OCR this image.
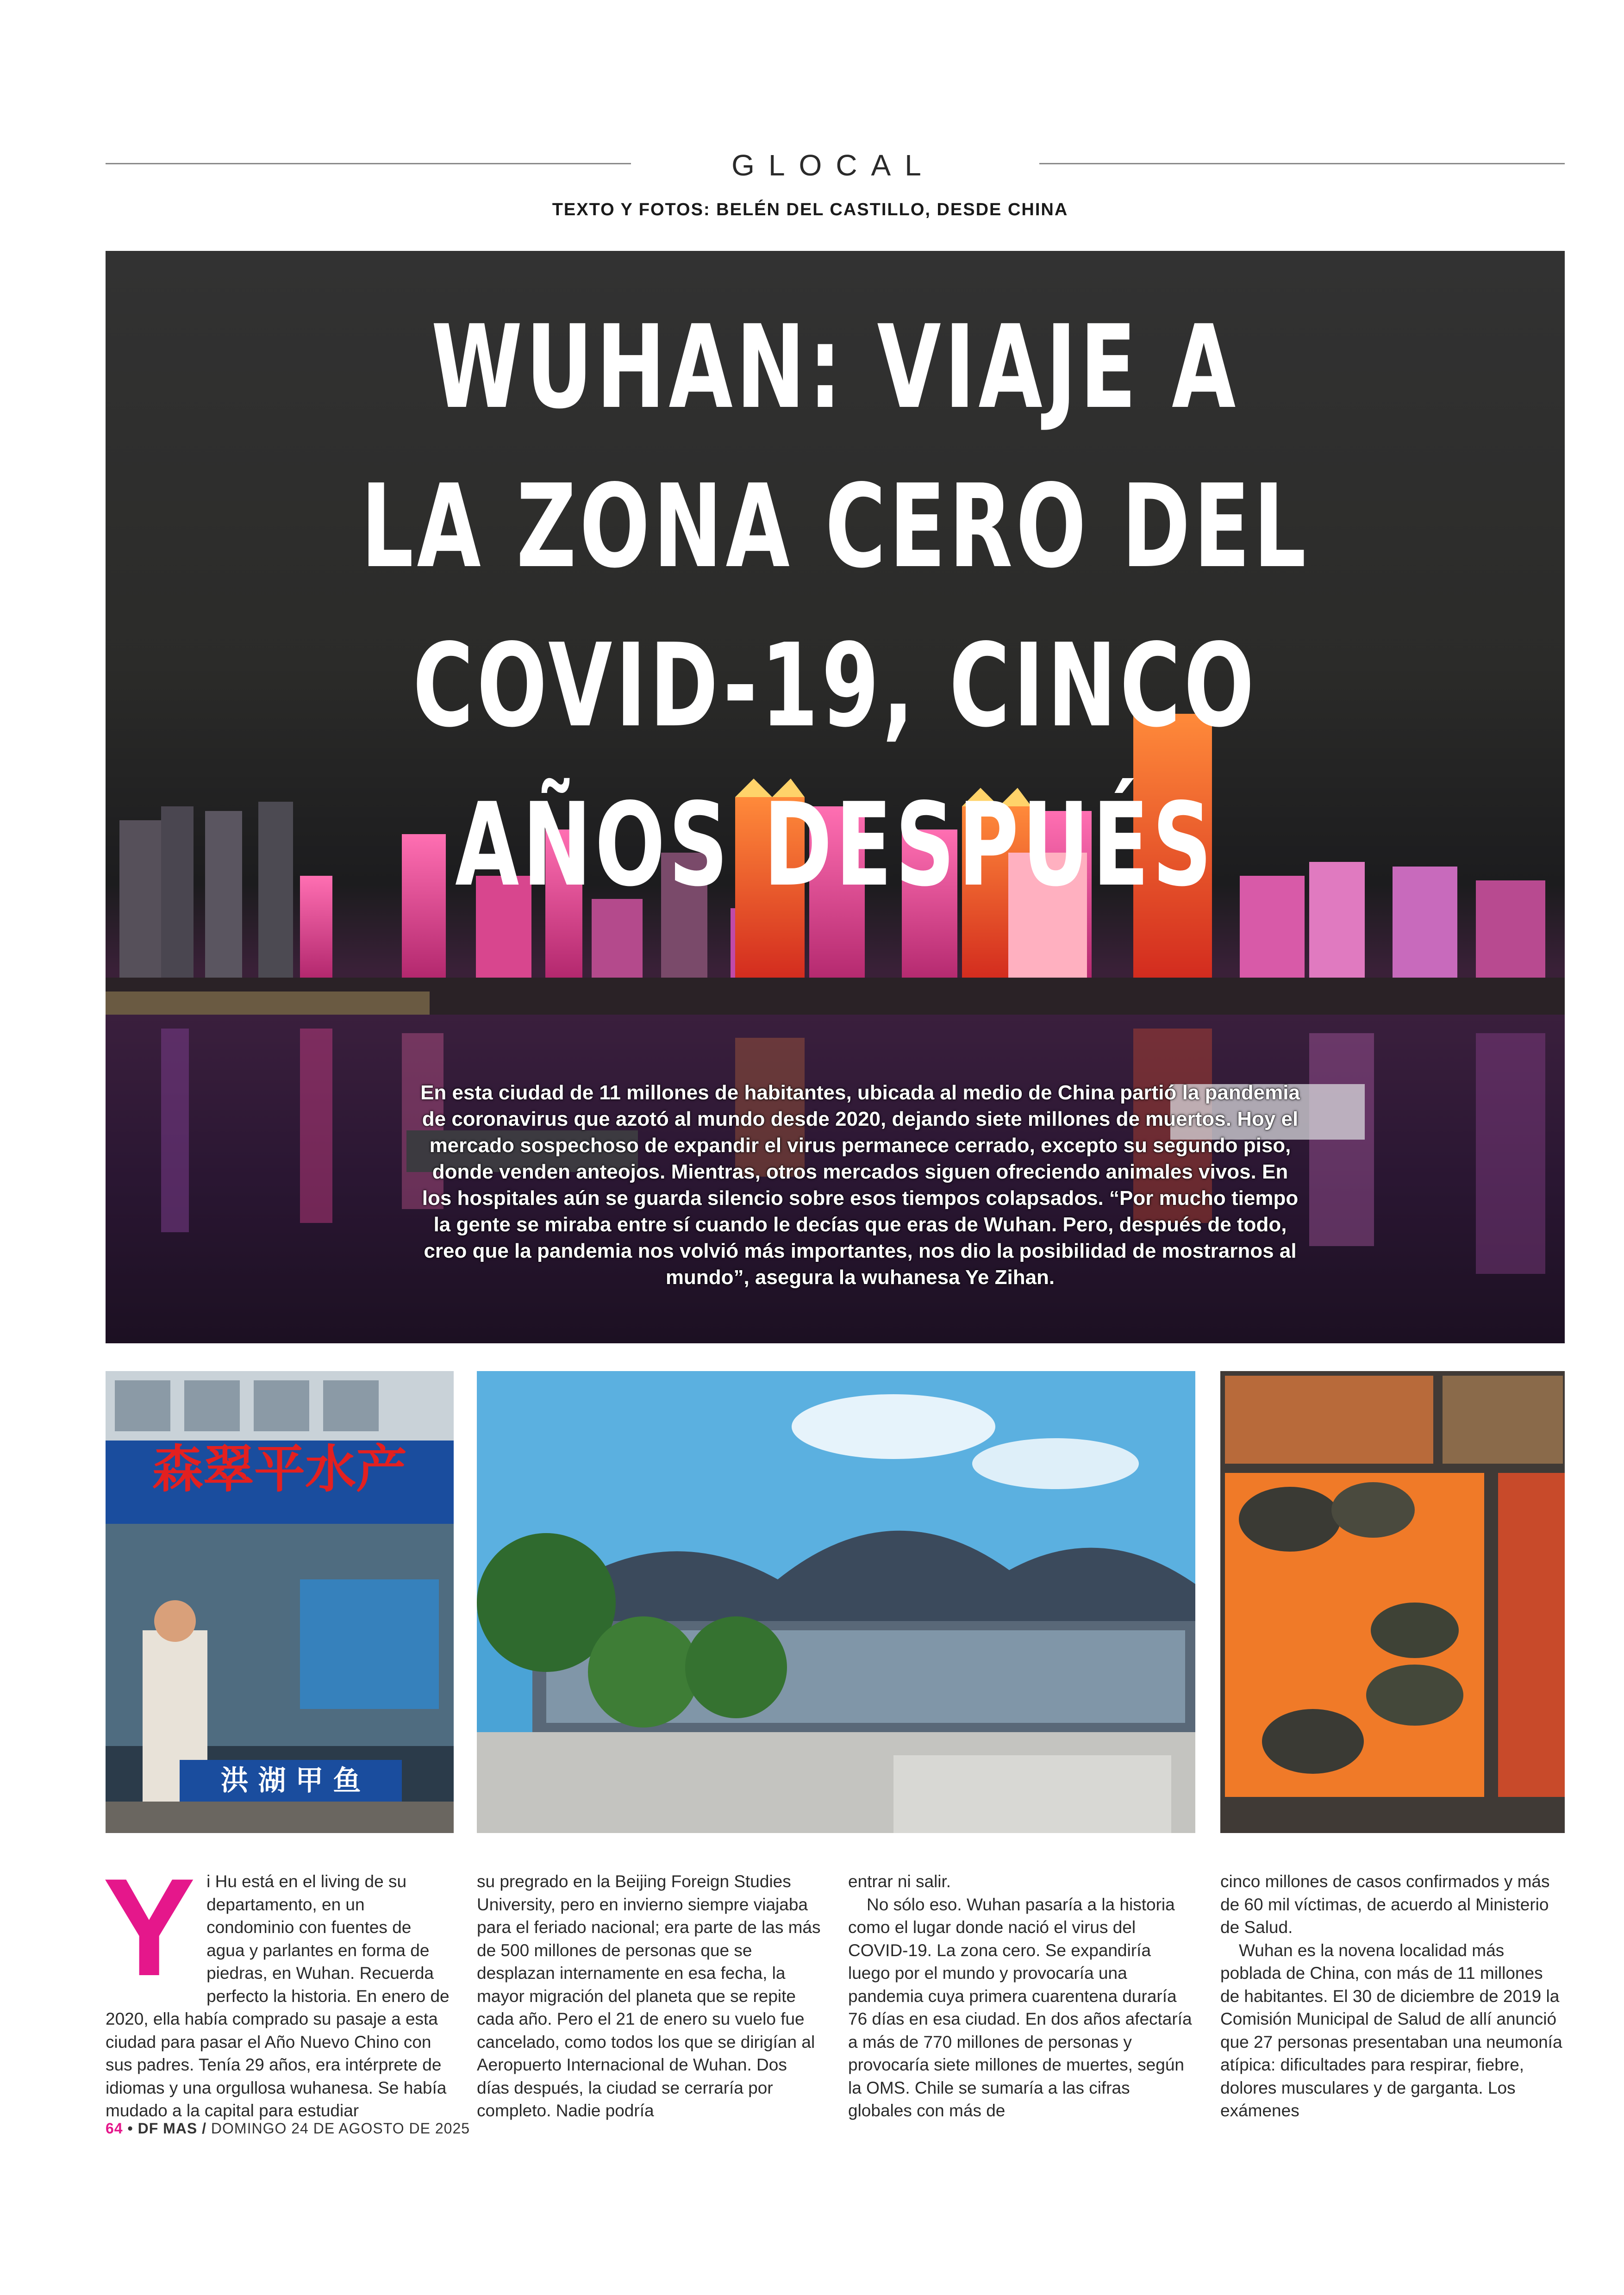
GLOCAL
TEXTO Y FOTOS: BELÉN DEL CASTILLO, DESDE CHINA
WUHAN: VIAJE A
LA ZONA CERO DEL
COVID-19, CINCO
AÑOS DESPUÉS
En esta ciudad de 11 millones de habitantes, ubicada al medio de China partió la pandemia de coronavirus que azotó al mundo desde 2020, dejando siete millones de muertos. Hoy el mercado sospechoso de expandir el virus permanece cerrado, excepto su segundo piso, donde venden anteojos. Mientras, otros mercados siguen ofreciendo animales vivos. En los hospitales aún se guarda silencio sobre esos tiempos colapsados. “Por mucho tiempo la gente se miraba entre sí cuando le decías que eras de Wuhan. Pero, después de todo, creo que la pandemia nos volvió más importantes, nos dio la posibilidad de mostrarnos al mundo”, asegura la wuhanesa Ye Zihan.
森翠平水产
洪 湖 甲 鱼
Y i Hu está en el living de su departamento, en un condominio con fuentes de agua y parlantes en forma de piedras, en Wuhan. Recuerda perfecto la historia. En enero de 2020, ella había comprado su pasaje a esta ciudad para pasar el Año Nuevo Chino con sus padres. Tenía 29 años, era intérprete de idiomas y una orgullosa wuhanesa. Se había mudado a la capital para estudiar

su pregrado en la Beijing Foreign Studies University, pero en invierno siempre viajaba para el feriado nacional; era parte de las más de 500 millones de personas que se desplazan internamente en esa fecha, la mayor migración del planeta que se repite cada año. Pero el 21 de enero su vuelo fue cancelado, como todos los que se dirigían al Aeropuerto Internacional de Wuhan. Dos días después, la ciudad se cerraría por completo. Nadie podría

entrar ni salir.

No sólo eso. Wuhan pasaría a la historia como el lugar donde nació el virus del COVID-19. La zona cero. Se expandiría luego por el mundo y provocaría una pandemia cuya primera cuarentena duraría 76 días en esa ciudad. En dos años afectaría a más de 770 millones de personas y provocaría siete millones de muertes, según la OMS. Chile se sumaría a las cifras globales con más de

cinco millones de casos confirmados y más de 60 mil víctimas, de acuerdo al Ministerio de Salud.

Wuhan es la novena localidad más poblada de China, con más de 11 millones de habitantes. El 30 de diciembre de 2019 la Comisión Municipal de Salud de allí anunció que 27 personas presentaban una neumonía atípica: dificultades para respirar, fiebre, dolores musculares y de garganta. Los exámenes

64 • DF MAS / DOMINGO 24 DE AGOSTO DE 2025
